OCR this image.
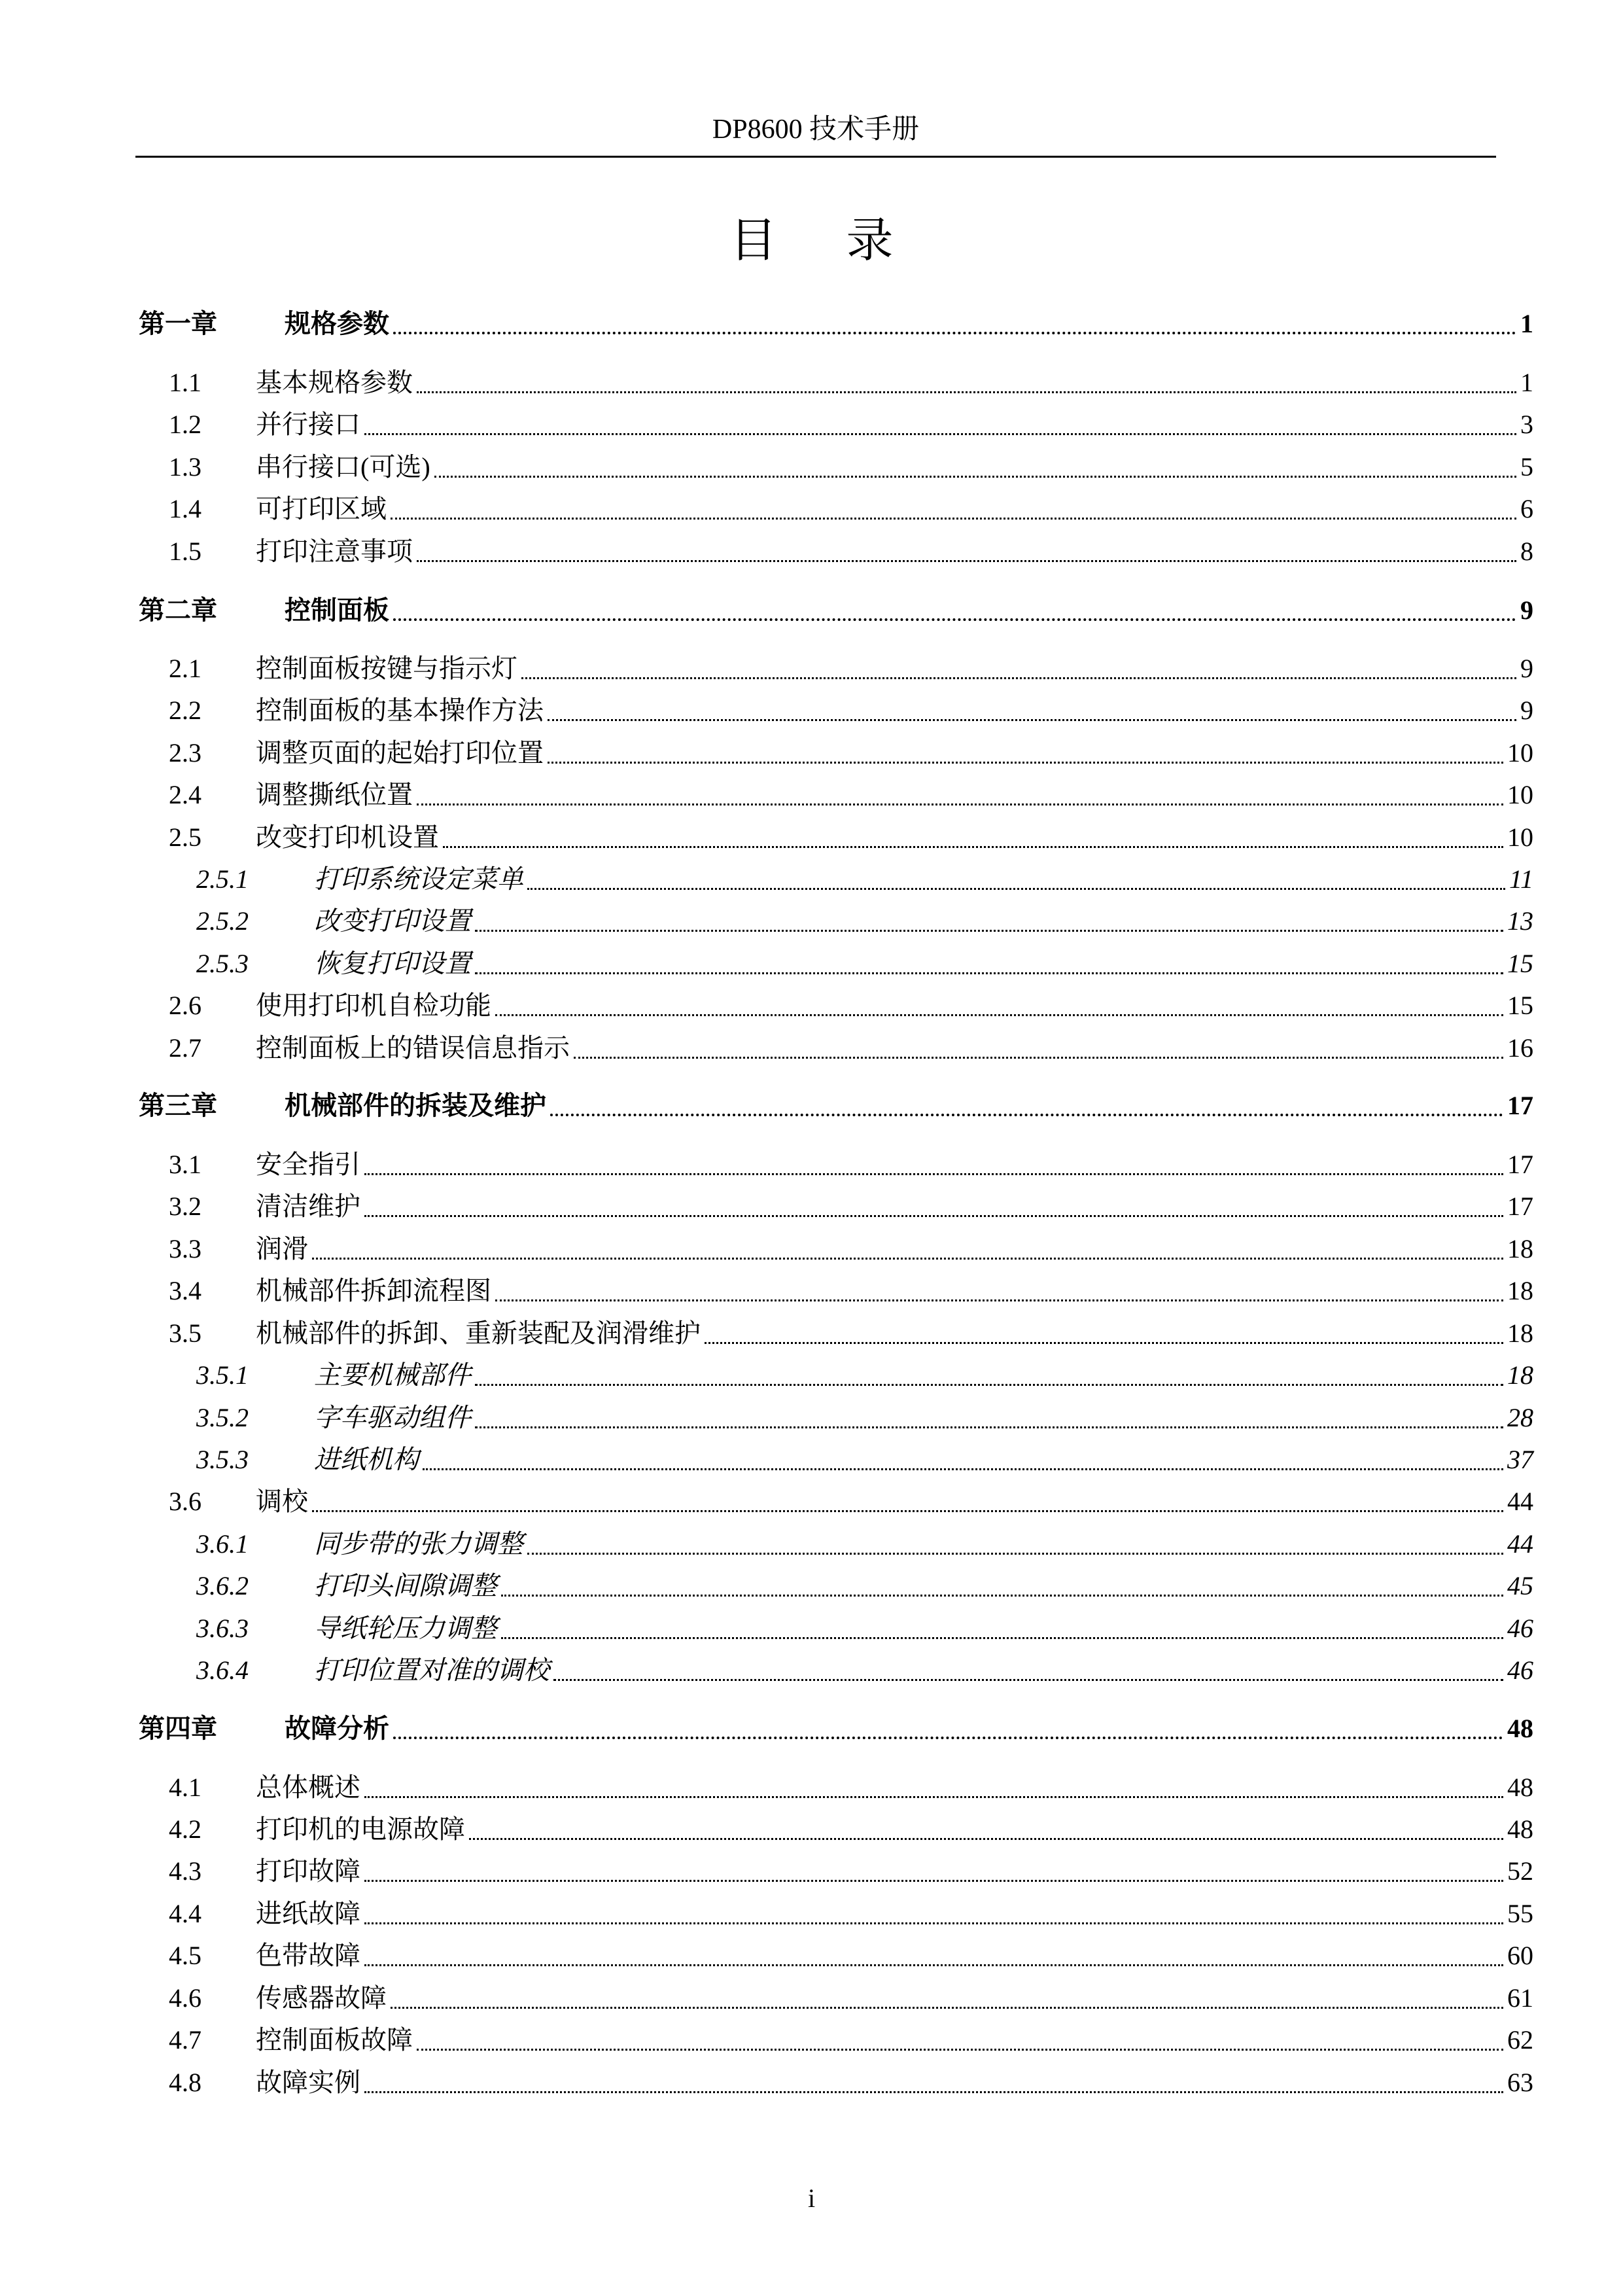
DP8600 技术手册
目 录
第一章	规格参数	1
1.1	基本规格参数	1
1.2	并行接口	3
1.3	串行接口(可选)	5
1.4	可打印区域	6
1.5	打印注意事项	8
第二章	控制面板	9
2.1	控制面板按键与指示灯	9
2.2	控制面板的基本操作方法	9
2.3	调整页面的起始打印位置	10
2.4	调整撕纸位置	10
2.5	改变打印机设置	10
2.5.1	打印系统设定菜单	11
2.5.2	改变打印设置	13
2.5.3	恢复打印设置	15
2.6	使用打印机自检功能	15
2.7	控制面板上的错误信息指示	16
第三章	机械部件的拆装及维护	17
3.1	安全指引	17
3.2	清洁维护	17
3.3	润滑	18
3.4	机械部件拆卸流程图	18
3.5	机械部件的拆卸、重新装配及润滑维护	18
3.5.1	主要机械部件	18
3.5.2	字车驱动组件	28
3.5.3	进纸机构	37
3.6	调校	44
3.6.1	同步带的张力调整	44
3.6.2	打印头间隙调整	45
3.6.3	导纸轮压力调整	46
3.6.4	打印位置对准的调校	46
第四章	故障分析	48
4.1	总体概述	48
4.2	打印机的电源故障	48
4.3	打印故障	52
4.4	进纸故障	55
4.5	色带故障	60
4.6	传感器故障	61
4.7	控制面板故障	62
4.8	故障实例	63
i
